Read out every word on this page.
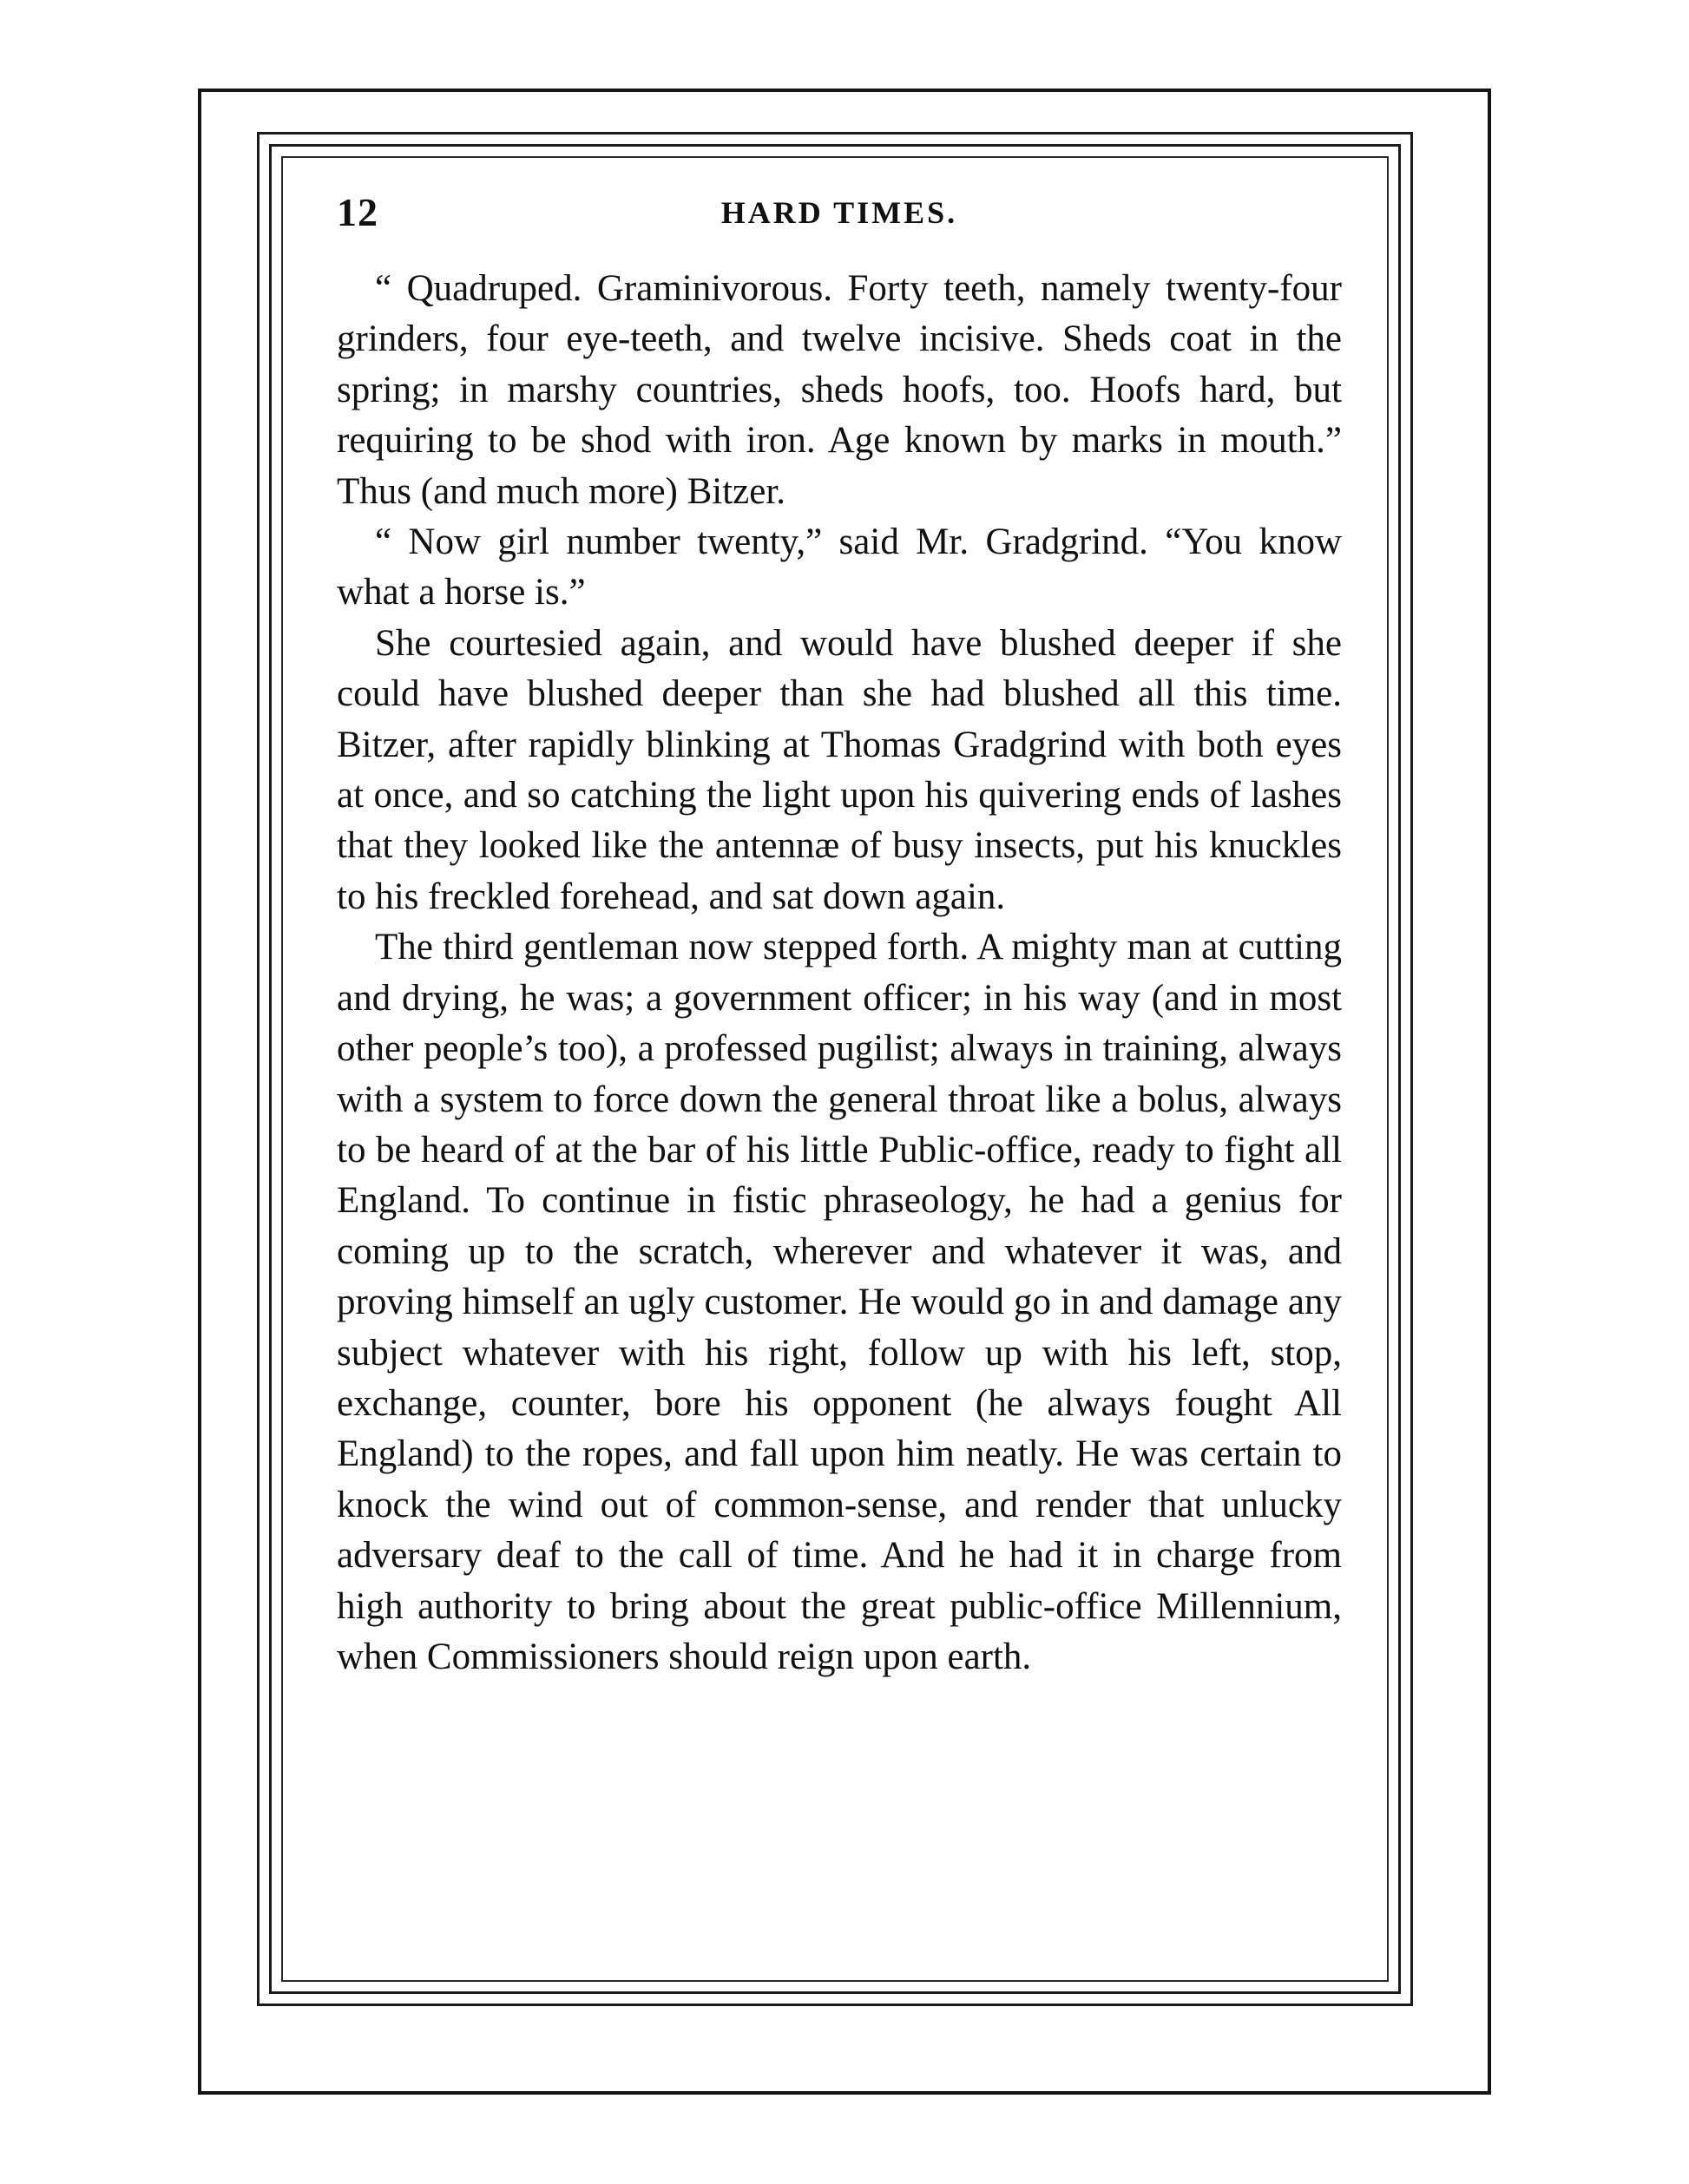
12	HARD TIMES.

“ Quadruped. Graminivorous. Forty teeth, namely twenty-four grinders, four eye-teeth, and twelve incisive. Sheds coat in the spring; in marshy countries, sheds hoofs, too. Hoofs hard, but requiring to be shod with iron. Age known by marks in mouth.” Thus (and much more) Bitzer.

“ Now girl number twenty,” said Mr. Gradgrind. “You know what a horse is.”

She courtesied again, and would have blushed deeper if she could have blushed deeper than she had blushed all this time. Bitzer, after rapidly blinking at Thomas Gradgrind with both eyes at once, and so catching the light upon his quivering ends of lashes that they looked like the antennæ of busy insects, put his knuckles to his freckled forehead, and sat down again.

The third gentleman now stepped forth. A mighty man at cutting and drying, he was; a government officer; in his way (and in most other people’s too), a professed pugilist; always in training, always with a system to force down the general throat like a bolus, always to be heard of at the bar of his little Public-office, ready to fight all England. To continue in fistic phraseology, he had a genius for coming up to the scratch, wherever and whatever it was, and proving himself an ugly customer. He would go in and damage any subject whatever with his right, follow up with his left, stop, exchange, counter, bore his opponent (he always fought All England) to the ropes, and fall upon him neatly. He was certain to knock the wind out of common-sense, and render that unlucky adversary deaf to the call of time. And he had it in charge from high authority to bring about the great public-office Millennium, when Commissioners should reign upon earth.
